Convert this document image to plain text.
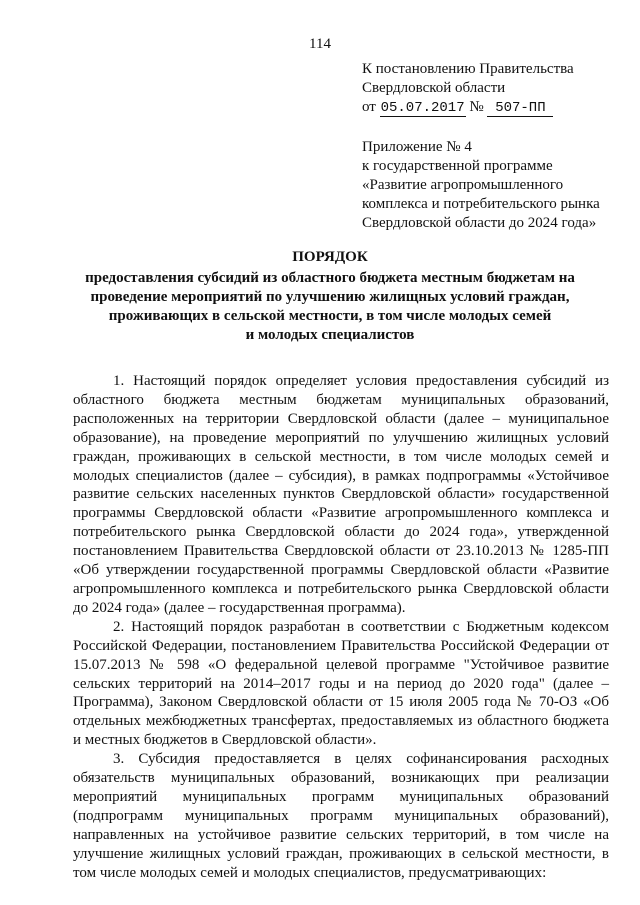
114
К постановлению Правительства
Свердловской области
от 05.07.2017 № 507-ПП
Приложение № 4
к государственной программе
«Развитие агропромышленного
комплекса и потребительского рынка
Свердловской области до 2024 года»
ПОРЯДОК
предоставления субсидий из областного бюджета местным бюджетам на
проведение мероприятий по улучшению жилищных условий граждан,
проживающих в сельской местности, в том числе молодых семей
и молодых специалистов

1. Настоящий порядок определяет условия предоставления субсидий из областного бюджета местным бюджетам муниципальных образований, расположенных на территории Свердловской области (далее – муниципальное образование), на проведение мероприятий по улучшению жилищных условий граждан, проживающих в сельской местности, в том числе молодых семей и молодых специалистов (далее – субсидия), в рамках подпрограммы «Устойчивое развитие сельских населенных пунктов Свердловской области» государственной программы Свердловской области «Развитие агропромышленного комплекса и потребительского рынка Свердловской области до 2024 года», утвержденной постановлением Правительства Свердловской области от 23.10.2013 № 1285-ПП «Об утверждении государственной программы Свердловской области «Развитие агропромышленного комплекса и потребительского рынка Свердловской области до 2024 года» (далее – государственная программа).

2. Настоящий порядок разработан в соответствии с Бюджетным кодексом Российской Федерации, постановлением Правительства Российской Федерации от 15.07.2013 № 598 «О федеральной целевой программе "Устойчивое развитие сельских территорий на 2014–2017 годы и на период до 2020 года" (далее – Программа), Законом Свердловской области от 15 июля 2005 года № 70-ОЗ «Об отдельных межбюджетных трансфертах, предоставляемых из областного бюджета и местных бюджетов в Свердловской области».

3. Субсидия предоставляется в целях софинансирования расходных обязательств муниципальных образований, возникающих при реализации мероприятий муниципальных программ муниципальных образований (подпрограмм муниципальных программ муниципальных образований), направленных на устойчивое развитие сельских территорий, в том числе на улучшение жилищных условий граждан, проживающих в сельской местности, в том числе молодых семей и молодых специалистов, предусматривающих:
